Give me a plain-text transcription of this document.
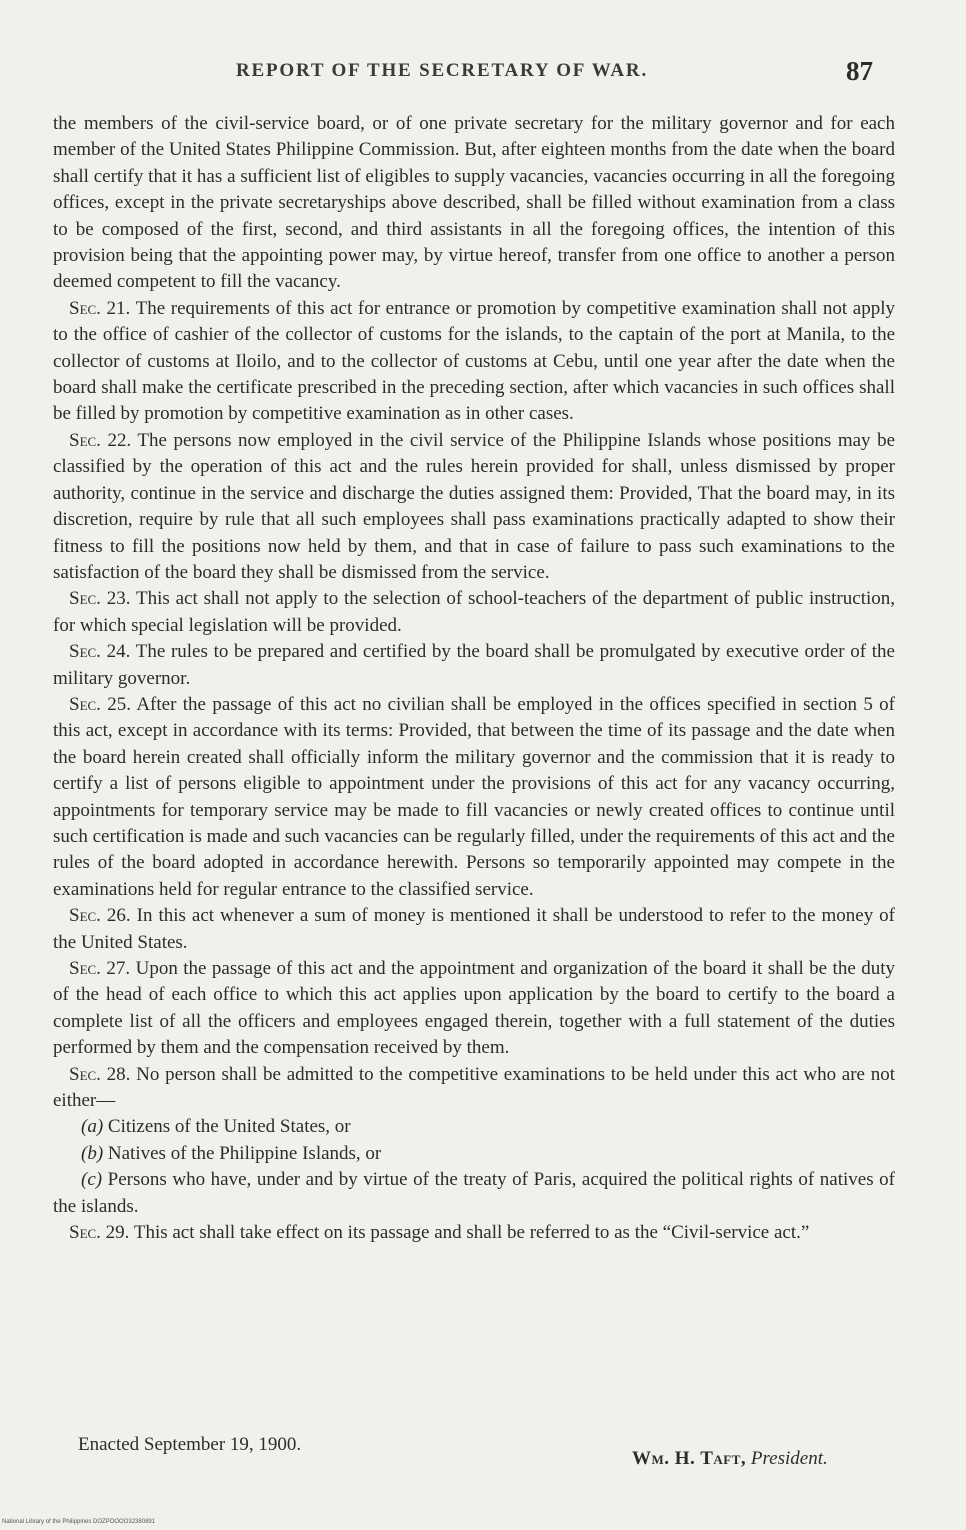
REPORT OF THE SECRETARY OF WAR.	87

the members of the civil-service board, or of one private secretary for the military governor and for each member of the United States Philippine Commission. But, after eighteen months from the date when the board shall certify that it has a sufficient list of eligibles to supply vacancies, vacancies occurring in all the foregoing offices, except in the private secretaryships above described, shall be filled without examination from a class to be composed of the first, second, and third assistants in all the foregoing offices, the intention of this provision being that the appointing power may, by virtue hereof, transfer from one office to another a person deemed competent to fill the vacancy.

Sec. 21. The requirements of this act for entrance or promotion by competitive examination shall not apply to the office of cashier of the collector of customs for the islands, to the captain of the port at Manila, to the collector of customs at Iloilo, and to the collector of customs at Cebu, until one year after the date when the board shall make the certificate prescribed in the preceding section, after which vacancies in such offices shall be filled by promotion by competitive examination as in other cases.

Sec. 22. The persons now employed in the civil service of the Philippine Islands whose positions may be classified by the operation of this act and the rules herein provided for shall, unless dismissed by proper authority, continue in the service and discharge the duties assigned them: Provided, That the board may, in its discretion, require by rule that all such employees shall pass examinations practically adapted to show their fitness to fill the positions now held by them, and that in case of failure to pass such examinations to the satisfaction of the board they shall be dismissed from the service.

Sec. 23. This act shall not apply to the selection of school-teachers of the department of public instruction, for which special legislation will be provided.

Sec. 24. The rules to be prepared and certified by the board shall be promulgated by executive order of the military governor.

Sec. 25. After the passage of this act no civilian shall be employed in the offices specified in section 5 of this act, except in accordance with its terms: Provided, that between the time of its passage and the date when the board herein created shall officially inform the military governor and the commission that it is ready to certify a list of persons eligible to appointment under the provisions of this act for any vacancy occurring, appointments for temporary service may be made to fill vacancies or newly created offices to continue until such certification is made and such vacancies can be regularly filled, under the requirements of this act and the rules of the board adopted in accordance herewith. Persons so temporarily appointed may compete in the examinations held for regular entrance to the classified service.

Sec. 26. In this act whenever a sum of money is mentioned it shall be understood to refer to the money of the United States.

Sec. 27. Upon the passage of this act and the appointment and organization of the board it shall be the duty of the head of each office to which this act applies upon application by the board to certify to the board a complete list of all the officers and employees engaged therein, together with a full statement of the duties performed by them and the compensation received by them.

Sec. 28. No person shall be admitted to the competitive examinations to be held under this act who are not either—

(a) Citizens of the United States, or

(b) Natives of the Philippine Islands, or

(c) Persons who have, under and by virtue of the treaty of Paris, acquired the political rights of natives of the islands.

Sec. 29. This act shall take effect on its passage and shall be referred to as the “Civil-service act.”

Enacted September 19, 1900.
Wm. H. Taft, President.
National Library of the Philippines DOZPOOOO32380891
